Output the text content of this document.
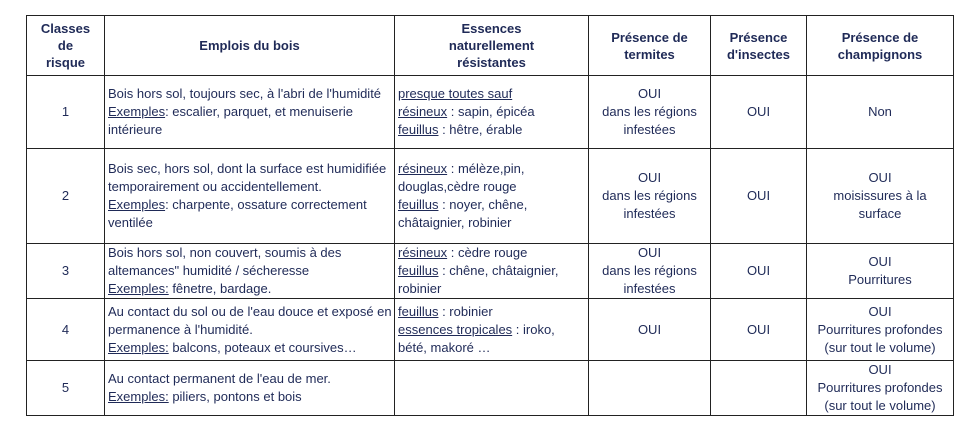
Classes
de
risque	Emplois du bois	Essences
naturellement
résistantes	Présence de
termites	Présence
d'insectes	Présence de
champignons

1	Bois hors sol, toujours sec, à l'abri de l'humidité
Exemples: escalier, parquet, et menuiserie
intérieure	presque toutes sauf
résineux : sapin, épicéa
feuillus : hêtre, érable	OUI
dans les régions
infestées	OUI	Non

2	Bois sec, hors sol, dont la surface est humidifiée
temporairement ou accidentellement.
Exemples: charpente, ossature correctement
ventilée	résineux : mélèze,pin,
douglas,cèdre rouge
feuillus : noyer, chêne,
châtaignier, robinier	OUI
dans les régions
infestées	OUI	OUI
moisissures à la
surface

3	Bois hors sol, non couvert, soumis à des
altemances" humidité / sécheresse
Exemples: fênetre, bardage.	résineux : cèdre rouge
feuillus : chêne, châtaignier,
robinier	OUI
dans les régions
infestées	OUI	OUI
Pourritures

4	Au contact du sol ou de l'eau douce et exposé en
permanence à l'humidité.
Exemples: balcons, poteaux et coursives…	feuillus : robinier
essences tropicales : iroko,
bété, makoré …	OUI	OUI	OUI
Pourritures profondes
(sur tout le volume)

5	Au contact permanent de l'eau de mer.
Exemples: piliers, pontons et bois				OUI
Pourritures profondes
(sur tout le volume)
